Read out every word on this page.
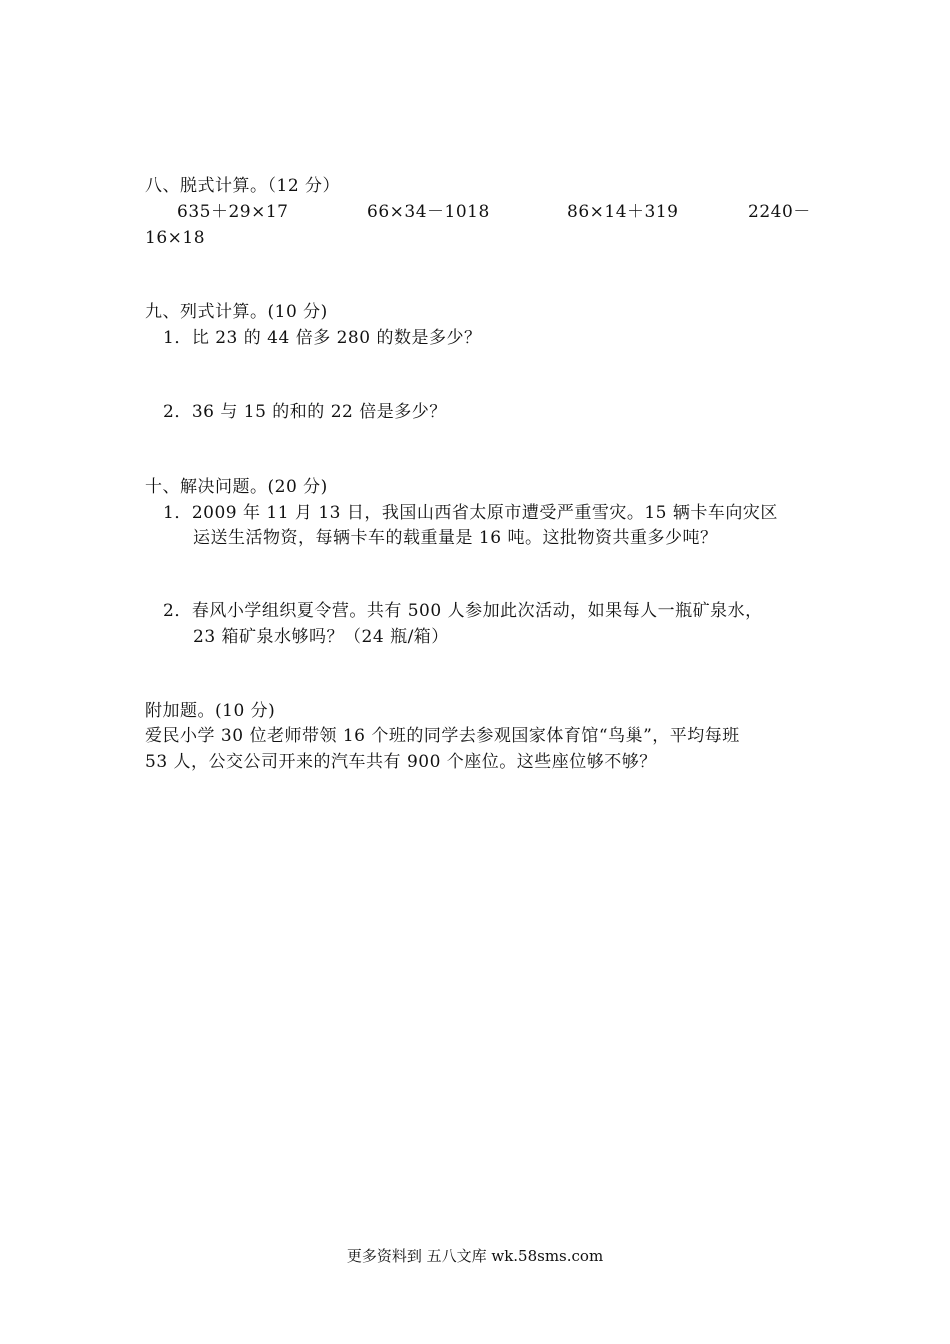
八、脱式计算。（12 分）
635＋29×17	66×34－1018	86×14＋319	2240－
16×18
九、列式计算。(10 分)
1．比 23 的 44 倍多 280 的数是多少？
2．36 与 15 的和的 22 倍是多少？
十、解决问题。(20 分)
1．2009 年 11 月 13 日，我国山西省太原市遭受严重雪灾。15 辆卡车向灾区
运送生活物资，每辆卡车的载重量是 16 吨。这批物资共重多少吨？
2．春风小学组织夏令营。共有 500 人参加此次活动，如果每人一瓶矿泉水，
23 箱矿泉水够吗？（24 瓶/箱）
附加题。(10 分)
爱民小学 30 位老师带领 16 个班的同学去参观国家体育馆“鸟巢”，平均每班
53 人，公交公司开来的汽车共有 900 个座位。这些座位够不够？
更多资料到 五八文库 wk.58sms.com
